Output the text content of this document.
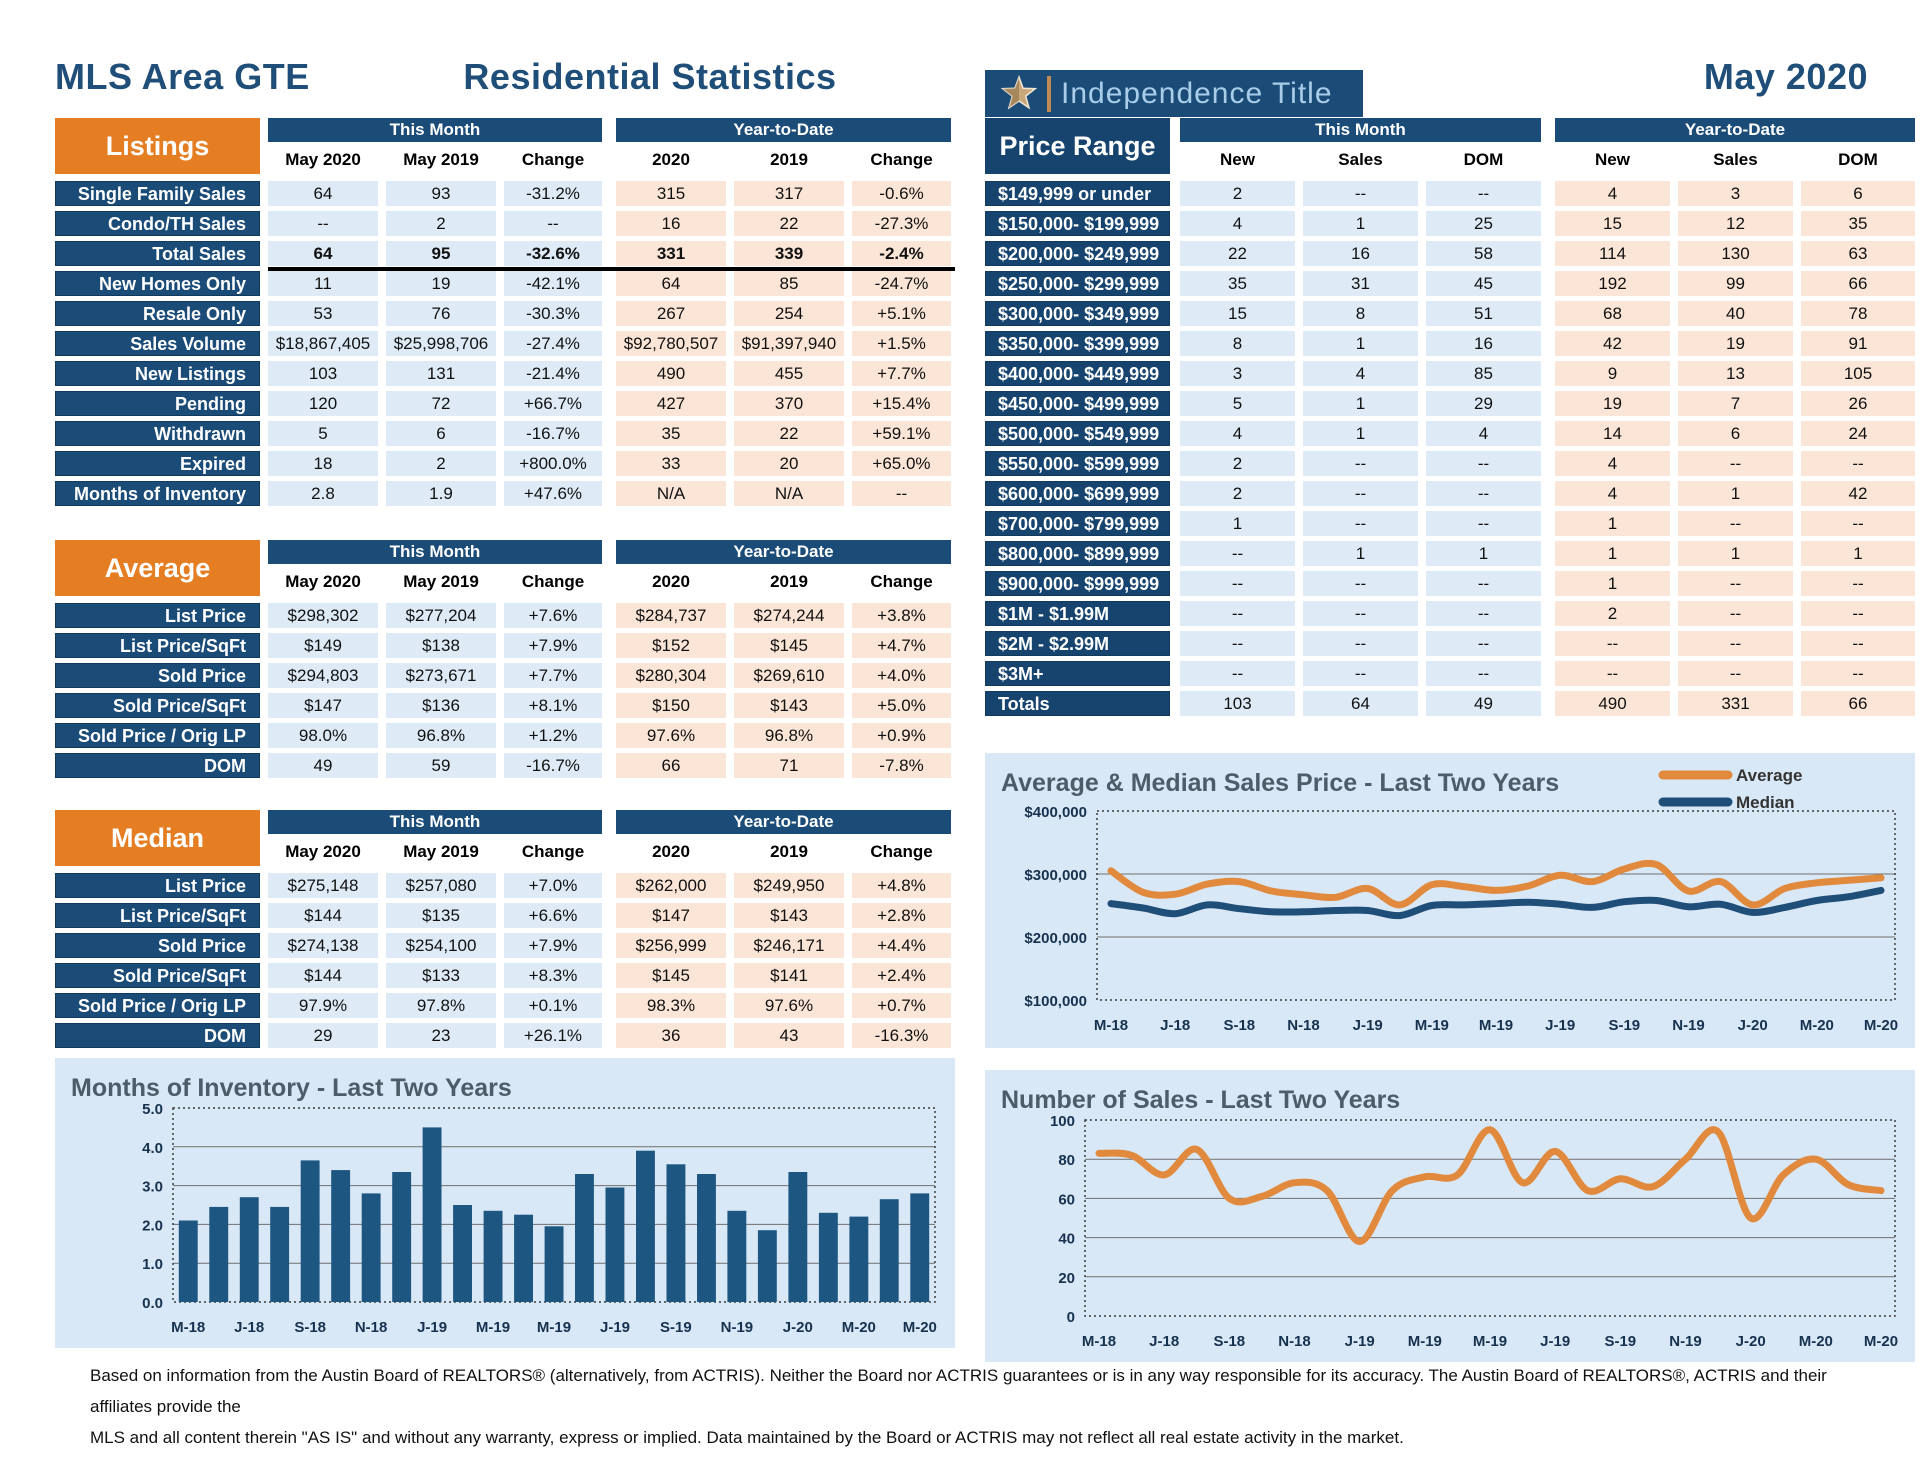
MLS Area GTE	Residential Statistics	Independence Title	May 2020
Listings
This Month	Year-to-Date
May 2020	May 2019	Change	2020	2019	Change
Single Family Sales	64	93	-31.2%	315	317	-0.6%
Condo/TH Sales	--	2	--	16	22	-27.3%
Total Sales	64	95	-32.6%	331	339	-2.4%
New Homes Only	11	19	-42.1%	64	85	-24.7%
Resale Only	53	76	-30.3%	267	254	+5.1%
Sales Volume	$18,867,405	$25,998,706	-27.4%	$92,780,507	$91,397,940	+1.5%
New Listings	103	131	-21.4%	490	455	+7.7%
Pending	120	72	+66.7%	427	370	+15.4%
Withdrawn	5	6	-16.7%	35	22	+59.1%
Expired	18	2	+800.0%	33	20	+65.0%
Months of Inventory	2.8	1.9	+47.6%	N/A	N/A	--
Average
This Month	Year-to-Date
May 2020	May 2019	Change	2020	2019	Change
List Price	$298,302	$277,204	+7.6%	$284,737	$274,244	+3.8%
List Price/SqFt	$149	$138	+7.9%	$152	$145	+4.7%
Sold Price	$294,803	$273,671	+7.7%	$280,304	$269,610	+4.0%
Sold Price/SqFt	$147	$136	+8.1%	$150	$143	+5.0%
Sold Price / Orig LP	98.0%	96.8%	+1.2%	97.6%	96.8%	+0.9%
DOM	49	59	-16.7%	66	71	-7.8%
Median
This Month	Year-to-Date
May 2020	May 2019	Change	2020	2019	Change
List Price	$275,148	$257,080	+7.0%	$262,000	$249,950	+4.8%
List Price/SqFt	$144	$135	+6.6%	$147	$143	+2.8%
Sold Price	$274,138	$254,100	+7.9%	$256,999	$246,171	+4.4%
Sold Price/SqFt	$144	$133	+8.3%	$145	$141	+2.4%
Sold Price / Orig LP	97.9%	97.8%	+0.1%	98.3%	97.6%	+0.7%
DOM	29	23	+26.1%	36	43	-16.3%
Price Range
This Month	Year-to-Date
New	Sales	DOM	New	Sales	DOM
$149,999 or under	2	--	--	4	3	6
$150,000- $199,999	4	1	25	15	12	35
$200,000- $249,999	22	16	58	114	130	63
$250,000- $299,999	35	31	45	192	99	66
$300,000- $349,999	15	8	51	68	40	78
$350,000- $399,999	8	1	16	42	19	91
$400,000- $449,999	3	4	85	9	13	105
$450,000- $499,999	5	1	29	19	7	26
$500,000- $549,999	4	1	4	14	6	24
$550,000- $599,999	2	--	--	4	--	--
$600,000- $699,999	2	--	--	4	1	42
$700,000- $799,999	1	--	--	1	--	--
$800,000- $899,999	--	1	1	1	1	1
$900,000- $999,999	--	--	--	1	--	--
$1M - $1.99M	--	--	--	2	--	--
$2M - $2.99M	--	--	--	--	--	--
$3M+	--	--	--	--	--	--
Totals	103	64	49	490	331	66
Average & Median Sales Price - Last Two Years
$100,000
$200,000
$300,000
$400,000
Average
Median
M-18 J-18 S-18 N-18 J-19 M-19 M-19 J-19 S-19 N-19 J-20 M-20 M-20
Months of Inventory - Last Two Years
0.0
1.0
2.0
3.0
4.0
5.0
M-18 J-18 S-18 N-18 J-19 M-19 M-19 J-19 S-19 N-19 J-20 M-20 M-20
Number of Sales - Last Two Years
0
20
40
60
80
100
M-18 J-18 S-18 N-18 J-19 M-19 M-19 J-19 S-19 N-19 J-20 M-20 M-20
Based on information from the Austin Board of REALTORS® (alternatively, from ACTRIS). Neither the Board nor ACTRIS guarantees or is in any way responsible for its accuracy. The Austin Board of REALTORS®, ACTRIS and their affiliates provide the
MLS and all content therein "AS IS" and without any warranty, express or implied. Data maintained by the Board or ACTRIS may not reflect all real estate activity in the market.
